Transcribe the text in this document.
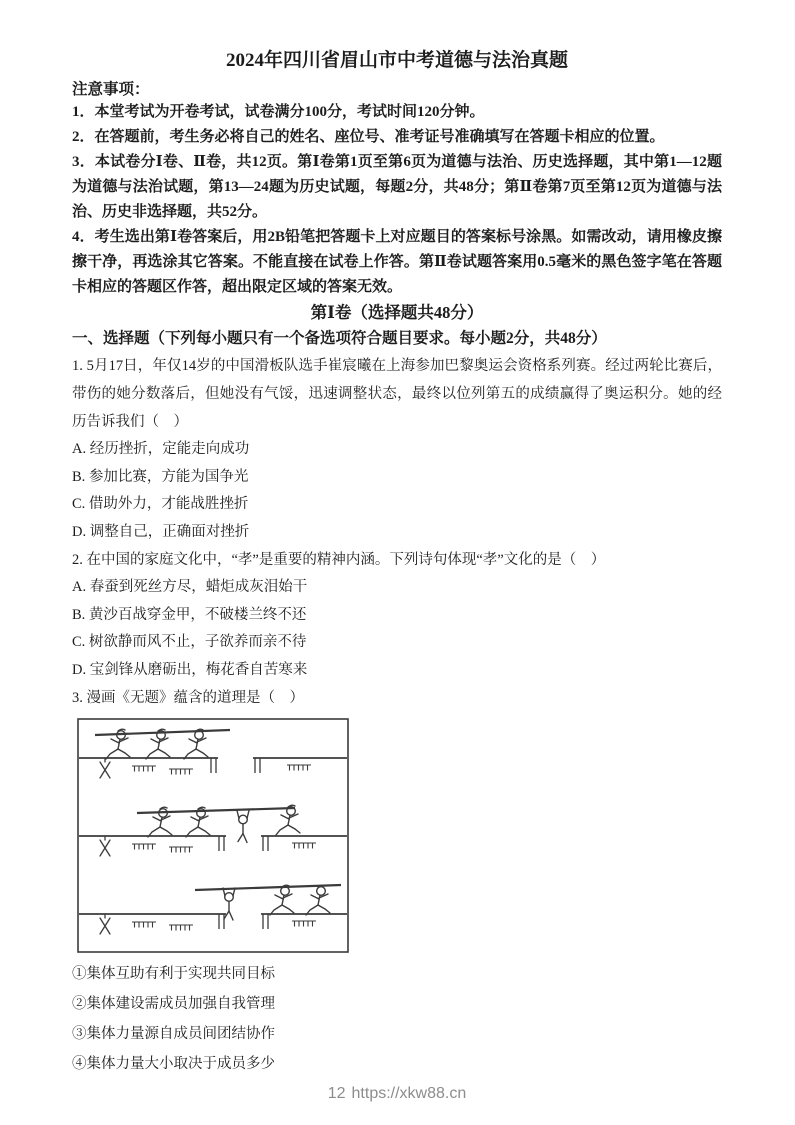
2024年四川省眉山市中考道德与法治真题

注意事项：

1．本堂考试为开卷考试，试卷满分100分，考试时间120分钟。

2．在答题前，考生务必将自己的姓名、座位号、准考证号准确填写在答题卡相应的位置。

3．本试卷分Ⅰ卷、Ⅱ卷，共12页。第Ⅰ卷第1页至第6页为道德与法治、历史选择题，其中第1—12题为道德与法治试题，第13—24题为历史试题，每题2分，共48分；第Ⅱ卷第7页至第12页为道德与法治、历史非选择题，共52分。

4．考生选出第Ⅰ卷答案后，用2B铅笔把答题卡上对应题目的答案标号涂黑。如需改动，请用橡皮擦擦干净，再选涂其它答案。不能直接在试卷上作答。第Ⅱ卷试题答案用0.5毫米的黑色签字笔在答题卡相应的答题区作答，超出限定区域的答案无效。

第Ⅰ卷（选择题共48分）

一、选择题（下列每小题只有一个备选项符合题目要求。每小题2分，共48分）

1. 5月17日，年仅14岁的中国滑板队选手崔宸曦在上海参加巴黎奥运会资格系列赛。经过两轮比赛后，带伤的她分数落后，但她没有气馁，迅速调整状态，最终以位列第五的成绩赢得了奥运积分。她的经历告诉我们（　）

A. 经历挫折，定能走向成功

B. 参加比赛，方能为国争光

C. 借助外力，才能战胜挫折

D. 调整自己，正确面对挫折

2. 在中国的家庭文化中，“孝”是重要的精神内涵。下列诗句体现“孝”文化的是（　）

A. 春蚕到死丝方尽，蜡炬成灰泪始干

B. 黄沙百战穿金甲，不破楼兰终不还

C. 树欲静而风不止，子欲养而亲不待

D. 宝剑锋从磨砺出，梅花香自苦寒来

3. 漫画《无题》蕴含的道理是（　）

①集体互助有利于实现共同目标

②集体建设需成员加强自我管理

③集体力量源自成员间团结协作

④集体力量大小取决于成员多少

12 https://xkw88.cn
